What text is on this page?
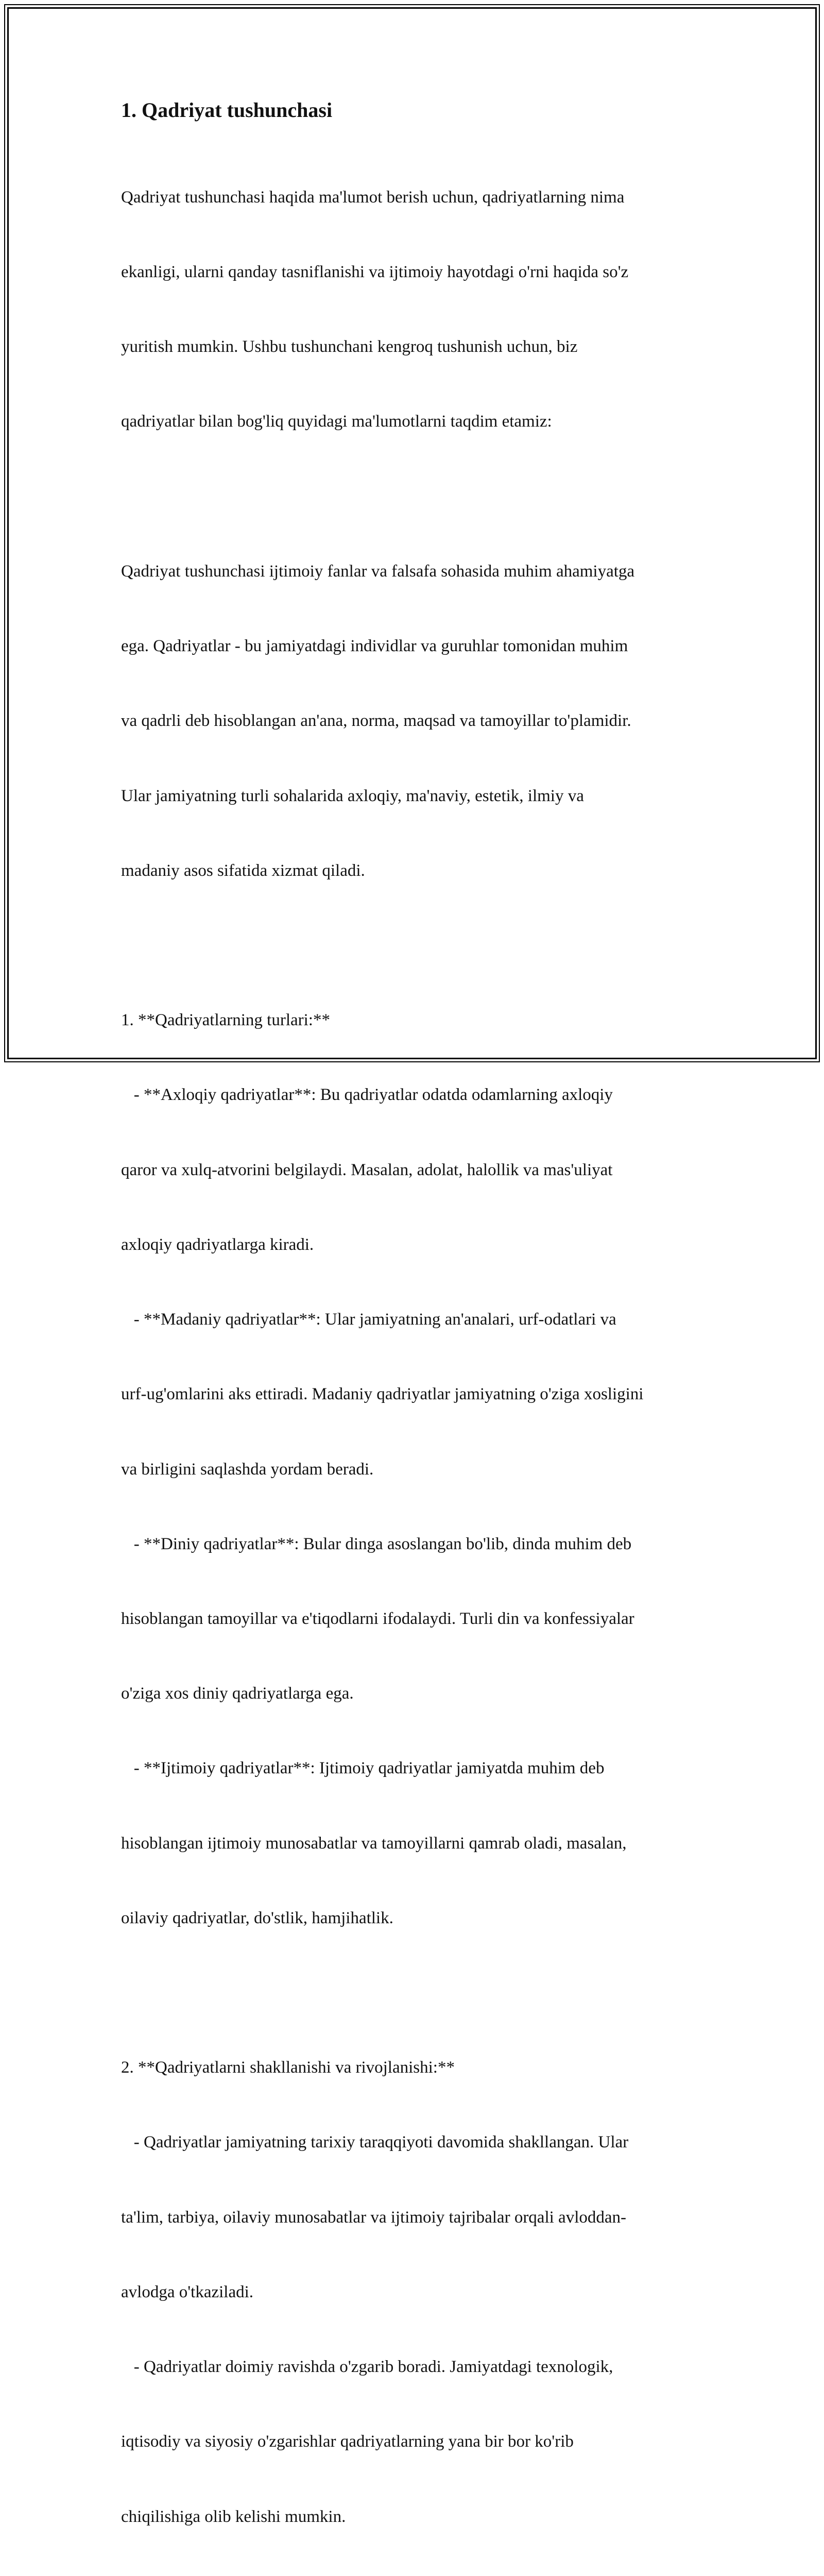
1. Qadriyat tushunchasi

Qadriyat tushunchasi haqida ma'lumot berish uchun, qadriyatlarning nima

ekanligi, ularni qanday tasniflanishi va ijtimoiy hayotdagi o'rni haqida so'z

yuritish mumkin. Ushbu tushunchani kengroq tushunish uchun, biz

qadriyatlar bilan bog'liq quyidagi ma'lumotlarni taqdim etamiz:

Qadriyat tushunchasi ijtimoiy fanlar va falsafa sohasida muhim ahamiyatga

ega. Qadriyatlar - bu jamiyatdagi individlar va guruhlar tomonidan muhim

va qadrli deb hisoblangan an'ana, norma, maqsad va tamoyillar to'plamidir.

Ular jamiyatning turli sohalarida axloqiy, ma'naviy, estetik, ilmiy va

madaniy asos sifatida xizmat qiladi.

1. **Qadriyatlarning turlari:**

- **Axloqiy qadriyatlar**: Bu qadriyatlar odatda odamlarning axloqiy

qaror va xulq-atvorini belgilaydi. Masalan, adolat, halollik va mas'uliyat

axloqiy qadriyatlarga kiradi.

- **Madaniy qadriyatlar**: Ular jamiyatning an'analari, urf-odatlari va

urf-ug'omlarini aks ettiradi. Madaniy qadriyatlar jamiyatning o'ziga xosligini

va birligini saqlashda yordam beradi.

- **Diniy qadriyatlar**: Bular dinga asoslangan bo'lib, dinda muhim deb

hisoblangan tamoyillar va e'tiqodlarni ifodalaydi. Turli din va konfessiyalar

o'ziga xos diniy qadriyatlarga ega.

- **Ijtimoiy qadriyatlar**: Ijtimoiy qadriyatlar jamiyatda muhim deb

hisoblangan ijtimoiy munosabatlar va tamoyillarni qamrab oladi, masalan,

oilaviy qadriyatlar, do'stlik, hamjihatlik.

2. **Qadriyatlarni shakllanishi va rivojlanishi:**

- Qadriyatlar jamiyatning tarixiy taraqqiyoti davomida shakllangan. Ular

ta'lim, tarbiya, oilaviy munosabatlar va ijtimoiy tajribalar orqali avloddan-

avlodga o'tkaziladi.

- Qadriyatlar doimiy ravishda o'zgarib boradi. Jamiyatdagi texnologik,

iqtisodiy va siyosiy o'zgarishlar qadriyatlarning yana bir bor ko'rib

chiqilishiga olib kelishi mumkin.
